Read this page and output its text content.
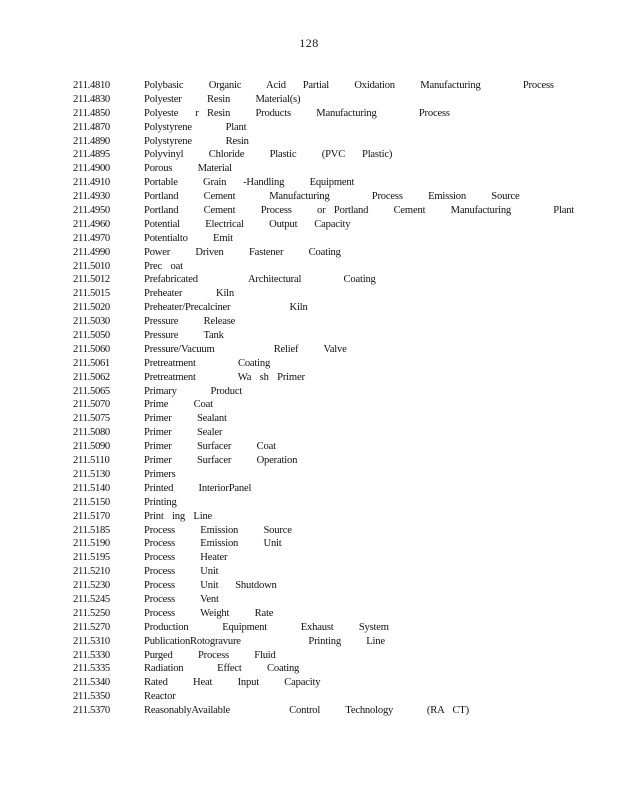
128
211.4810	Polybasic   Organic   Acid  Partial   Oxidation   Manufacturing     Process
211.4830	Polyester   Resin   Material(s)
211.4850	Polyeste  r Resin   Products   Manufacturing     Process
211.4870	Polystyrene    Plant
211.4890	Polystyrene    Resin
211.4895	Polyvinyl   Chloride   Plastic   (PVC  Plastic)
211.4900	Porous   Material
211.4910	Portable   Grain  -Handling   Equipment
211.4930	Portland   Cement    Manufacturing     Process   Emission   Source
211.4950	Portland   Cement   Process   or Portland   Cement   Manufacturing     Plant
211.4960	Potential   Electrical   Output  Capacity
211.4970	Potentialto   Emit
211.4990	Power   Driven   Fastener   Coating
211.5010	Prec oat
211.5012	Prefabricated      Architectural     Coating
211.5015	Preheater    Kiln
211.5020	Preheater/Precalciner       Kiln
211.5030	Pressure   Release
211.5050	Pressure   Tank
211.5060	Pressure/Vacuum       Relief   Valve
211.5061	Pretreatment     Coating
211.5062	Pretreatment     Wa sh Primer
211.5065	Primary    Product
211.5070	Prime   Coat
211.5075	Primer   Sealant
211.5080	Primer   Sealer
211.5090	Primer   Surfacer   Coat
211.5110	Primer   Surfacer   Operation
211.5130	Primers
211.5140	Printed   InteriorPanel
211.5150	Printing
211.5170	Print ing Line
211.5185	Process   Emission   Source
211.5190	Process   Emission   Unit
211.5195	Process   Heater
211.5210	Process   Unit
211.5230	Process   Unit  Shutdown
211.5245	Process   Vent
211.5250	Process   Weight   Rate
211.5270	Production    Equipment    Exhaust   System
211.5310	PublicationRotogravure        Printing   Line
211.5330	Purged   Process   Fluid
211.5335	Radiation    Effect   Coating
211.5340	Rated   Heat   Input   Capacity
211.5350	Reactor
211.5370	ReasonablyAvailable       Control   Technology    (RA CT)
